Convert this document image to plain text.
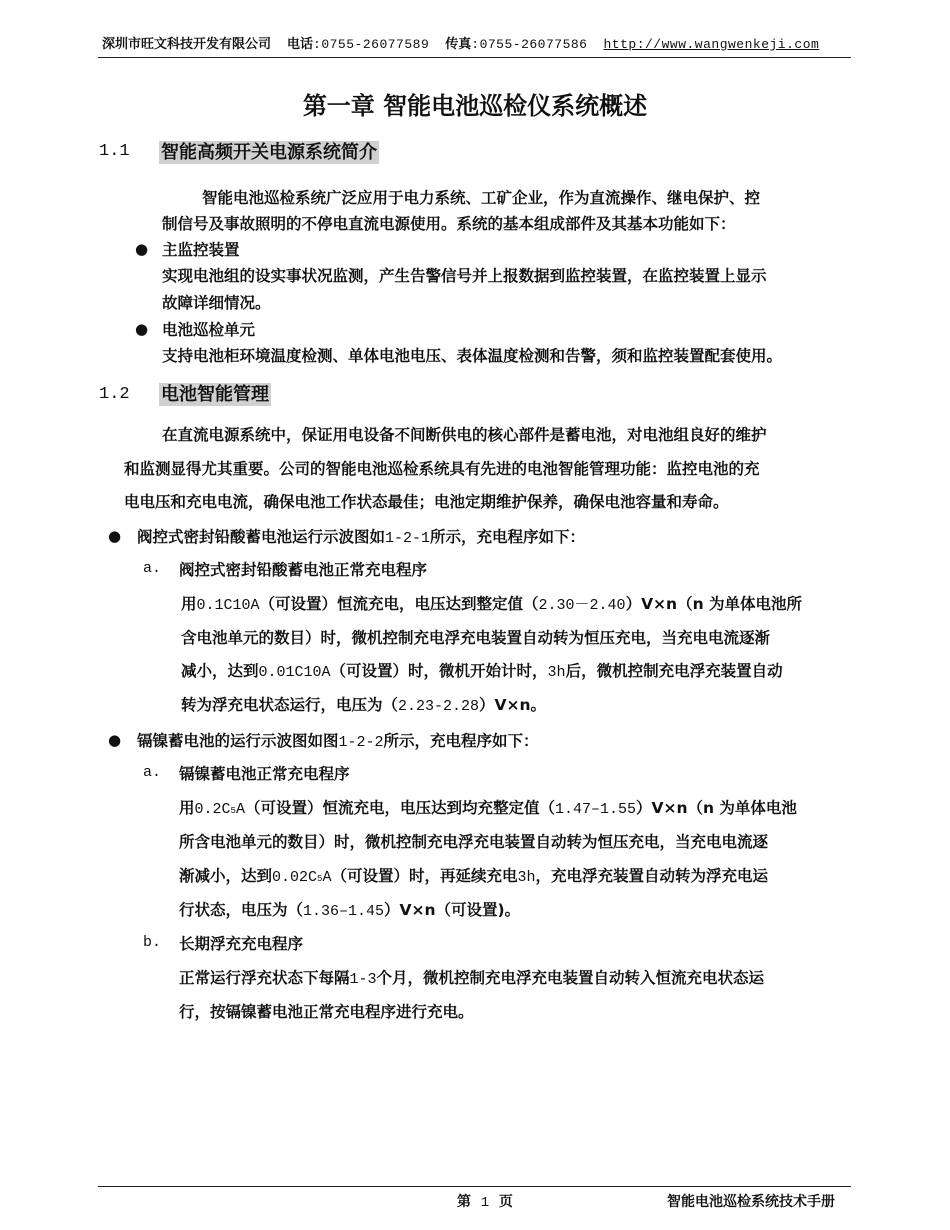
深圳市旺文科技开发有限公司 电话:0755-26077589 传真:0755-26077586 http://www.wangwenkeji.com
第一章 智能电池巡检仪系统概述
1.1 智能高频开关电源系统简介
智能电池巡检系统广泛应用于电力系统、工矿企业，作为直流操作、继电保护、控
制信号及事故照明的不停电直流电源使用。系统的基本组成部件及其基本功能如下：
● 主监控装置
实现电池组的设实事状况监测，产生告警信号并上报数据到监控装置，在监控装置上显示
故障详细情况。
● 电池巡检单元
支持电池柜环境温度检测、单体电池电压、表体温度检测和告警，须和监控装置配套使用。
1.2 电池智能管理
在直流电源系统中，保证用电设备不间断供电的核心部件是蓄电池，对电池组良好的维护
和监测显得尤其重要。公司的智能电池巡检系统具有先进的电池智能管理功能：监控电池的充
电电压和充电电流，确保电池工作状态最佳；电池定期维护保养，确保电池容量和寿命。
● 阀控式密封铅酸蓄电池运行示波图如1-2-1所示，充电程序如下：
a. 阀控式密封铅酸蓄电池正常充电程序
用0.1C10A（可设置）恒流充电，电压达到整定值（2.30－2.40）V×n（n 为单体电池所
含电池单元的数目）时，微机控制充电浮充电装置自动转为恒压充电，当充电电流逐渐
减小，达到0.01C10A（可设置）时，微机开始计时，3h后，微机控制充电浮充装置自动
转为浮充电状态运行，电压为（2.23-2.28）V×n。
● 镉镍蓄电池的运行示波图如图1-2-2所示，充电程序如下：
a. 镉镍蓄电池正常充电程序
用0.2C5A（可设置）恒流充电，电压达到均充整定值（1.47–1.55）V×n（n 为单体电池
所含电池单元的数目）时，微机控制充电浮充电装置自动转为恒压充电，当充电电流逐
渐减小，达到0.02C5A（可设置）时，再延续充电3h，充电浮充装置自动转为浮充电运
行状态，电压为（1.36–1.45）V×n（可设置)。
b. 长期浮充充电程序
正常运行浮充状态下每隔1-3个月，微机控制充电浮充电装置自动转入恒流充电状态运
行，按镉镍蓄电池正常充电程序进行充电。
第 1 页	智能电池巡检系统技术手册
